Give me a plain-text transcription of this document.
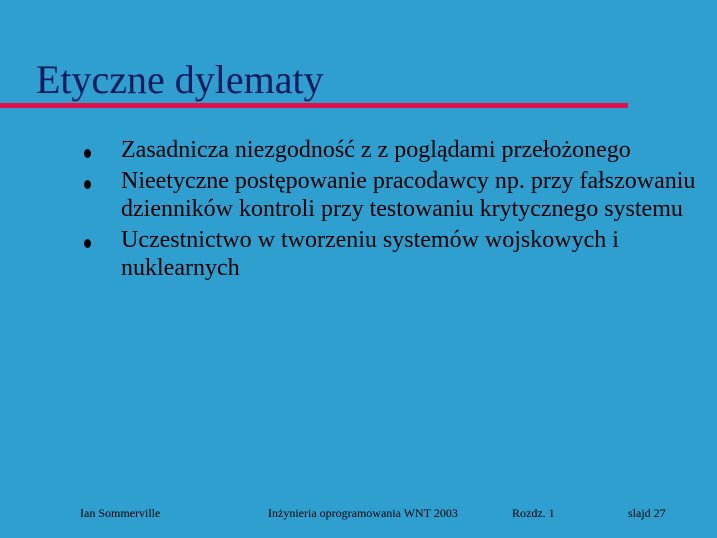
Etyczne dylematy
Zasadnicza niezgodność z z poglądami przełożonego
Nieetyczne postępowanie pracodawcy np. przy fałszowaniu dzienników kontroli przy testowaniu krytycznego systemu
Uczestnictwo w tworzeniu systemów wojskowych i nuklearnych
Ian Sommerville	Inżynieria oprogramowania WNT 2003	Rozdz. 1	slajd 27
